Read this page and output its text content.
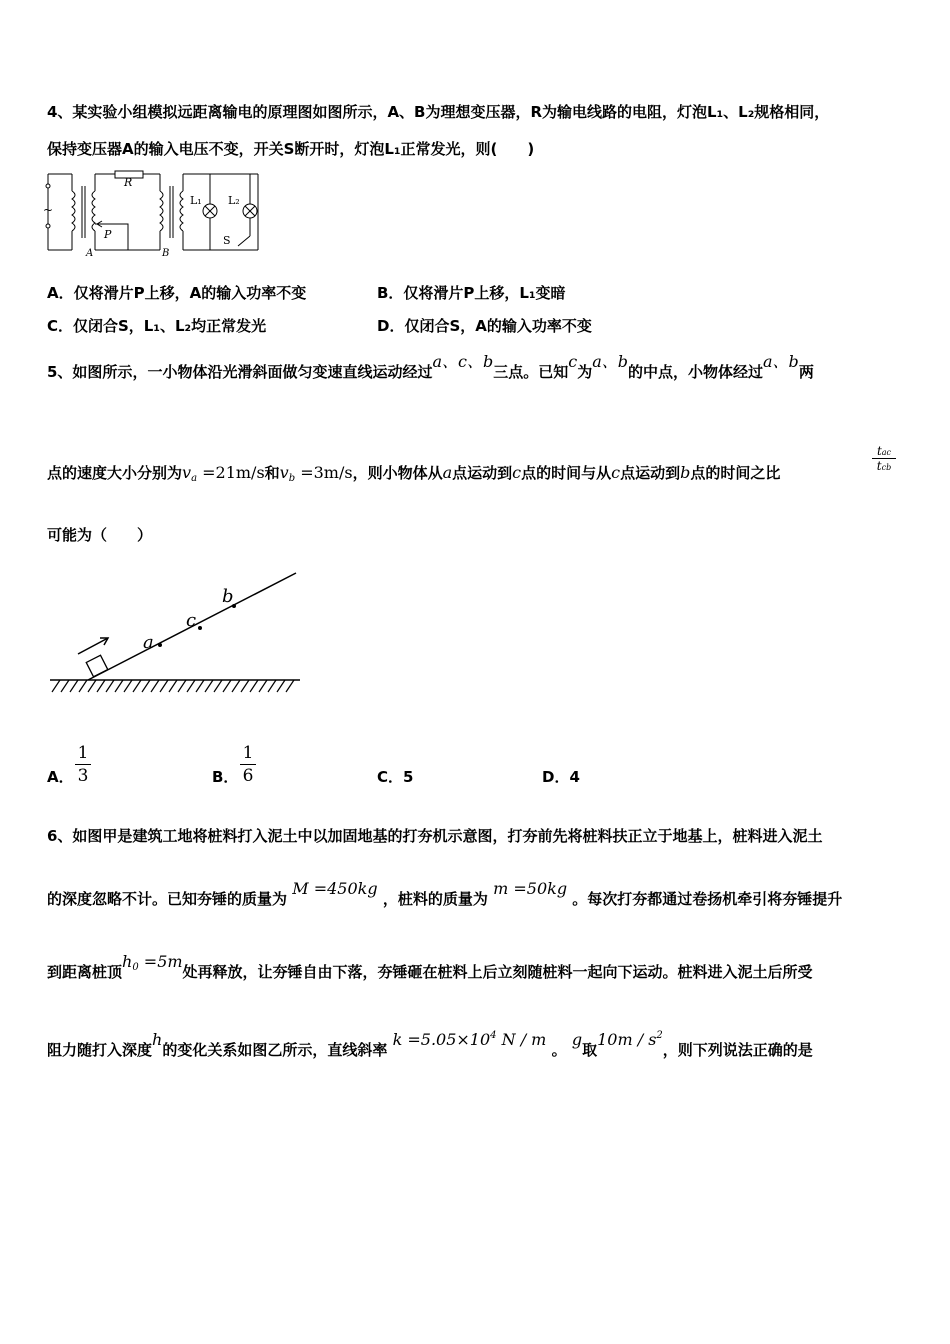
4、某实验小组模拟远距离输电的原理图如图所示，A、B为理想变压器，R为输电线路的电阻，灯泡L₁、L₂规格相同，
保持变压器A的输入电压不变，开关S断开时，灯泡L₁正常发光，则(　　)
~
R
P
A	B
L₁ L₂
S
A．仅将滑片P上移，A的输入功率不变	B．仅将滑片P上移，L₁变暗
C．仅闭合S，L₁、L₂均正常发光	D．仅闭合S，A的输入功率不变
5、如图所示，一小物体沿光滑斜面做匀变速直线运动经过a、c、b三点。已知c为a、b的中点，小物体经过a、b两
点的速度大小分别为$v_a =21m/s$和$v_b =3m/s$，则小物体从a点运动到c点的时间与从c点运动到b点的时间之比
tac
tcb
可能为（　　）
a
c
b
A． $\frac{1}{3}$	B． $\frac{1}{6}$	C．5	D．4
6、如图甲是建筑工地将桩料打入泥土中以加固地基的打夯机示意图，打夯前先将桩料扶正立于地基上，桩料进入泥土
的深度忽略不计。已知夯锤的质量为 M =450kg ，桩料的质量为 m =50kg 。每次打夯都通过卷扬机牵引将夯锤提升
到距离桩顶$h_0 =5m$处再释放，让夯锤自由下落，夯锤砸在桩料上后立刻随桩料一起向下运动。桩料进入泥土后所受
阻力随打入深度h的变化关系如图乙所示，直线斜率 $k =5.05\times 10^4$ N / m 。 g取$10m / s^2$，则下列说法正确的是
